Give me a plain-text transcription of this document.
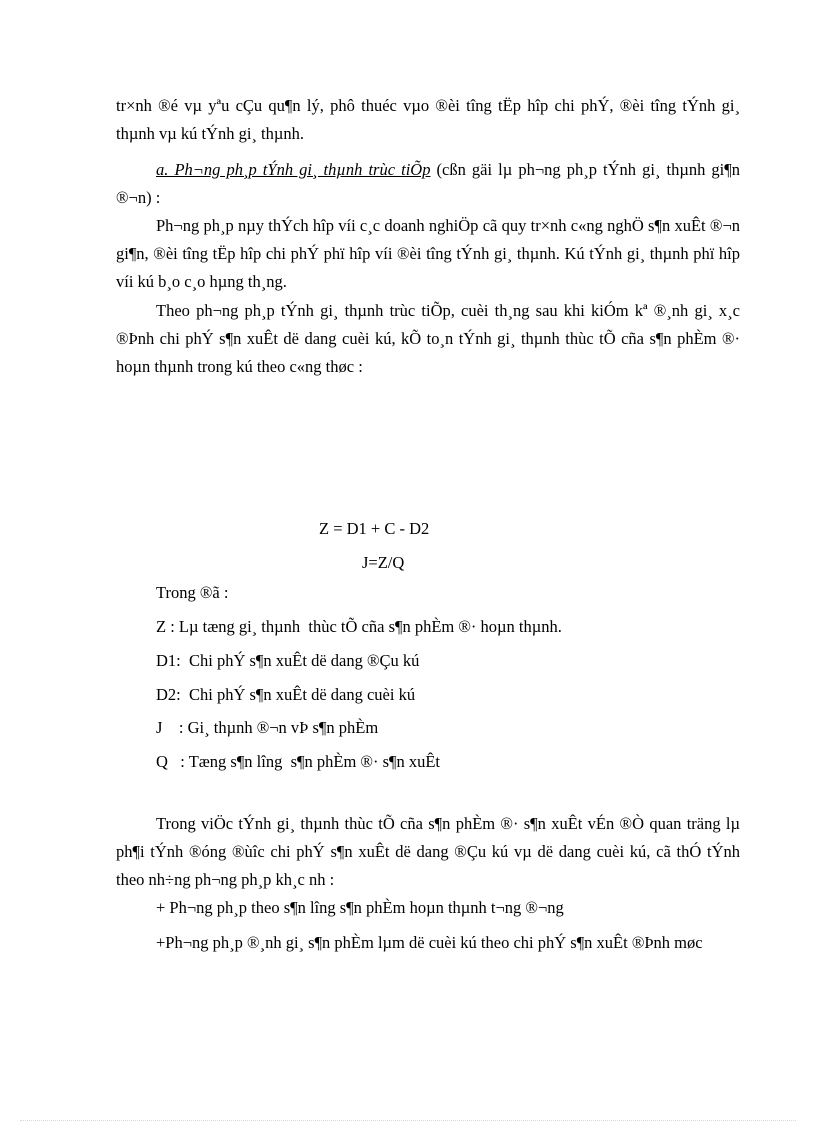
tr×nh ®é vµ yªu cÇu qu¶n lý, phô thuéc vµo ®èi tîng tËp hîp chi phÝ, ®èi tîng tÝnh gi¸ thµnh vµ kú tÝnh gi¸ thµnh.

a. Ph¬ng ph¸p tÝnh gi¸ thµnh trùc tiÕp (cßn gäi lµ ph¬ng ph¸p tÝnh gi¸ thµnh gi¶n ®¬n) :

Ph¬ng ph¸p nµy thÝch hîp víi c¸c doanh nghiÖp cã quy tr×nh c«ng nghÖ s¶n xuÊt ®¬n gi¶n, ®èi tîng tËp hîp chi phÝ phï hîp víi ®èi tîng tÝnh gi¸ thµnh. Kú tÝnh gi¸ thµnh phï hîp víi kú b¸o c¸o hµng th¸ng.

Theo ph¬ng ph¸p tÝnh gi¸ thµnh trùc tiÕp, cuèi th¸ng sau khi kiÓm kª ®¸nh gi¸ x¸c ®Þnh chi phÝ s¶n xuÊt dë dang cuèi kú, kÕ to¸n tÝnh gi¸ thµnh thùc tÕ cña s¶n phÈm ®· hoµn thµnh trong kú theo c«ng thøc :

Z = D1 + C - D2
J=Z/Q
Trong ®ã :
Z : Lµ tæng gi¸ thµnh  thùc tÕ cña s¶n phÈm ®· hoµn thµnh.
D1:  Chi phÝ s¶n xuÊt dë dang ®Çu kú
D2:  Chi phÝ s¶n xuÊt dë dang cuèi kú
J    : Gi¸ thµnh ®¬n vÞ s¶n phÈm
Q   : Tæng s¶n lîng  s¶n phÈm ®· s¶n xuÊt

Trong viÖc tÝnh gi¸ thµnh thùc tÕ cña s¶n phÈm ®· s¶n xuÊt vÉn ®Ò quan träng lµ ph¶i tÝnh ®óng ®ùîc chi phÝ s¶n xuÊt dë dang ®Çu kú vµ dë dang cuèi kú, cã thÓ tÝnh theo nh÷ng ph¬ng ph¸p kh¸c nh :

+ Ph¬ng ph¸p theo s¶n lîng s¶n phÈm hoµn thµnh t¬ng ®¬ng

+Ph¬ng ph¸p ®¸nh gi¸ s¶n phÈm lµm dë cuèi kú theo chi phÝ s¶n xuÊt ®Þnh møc
